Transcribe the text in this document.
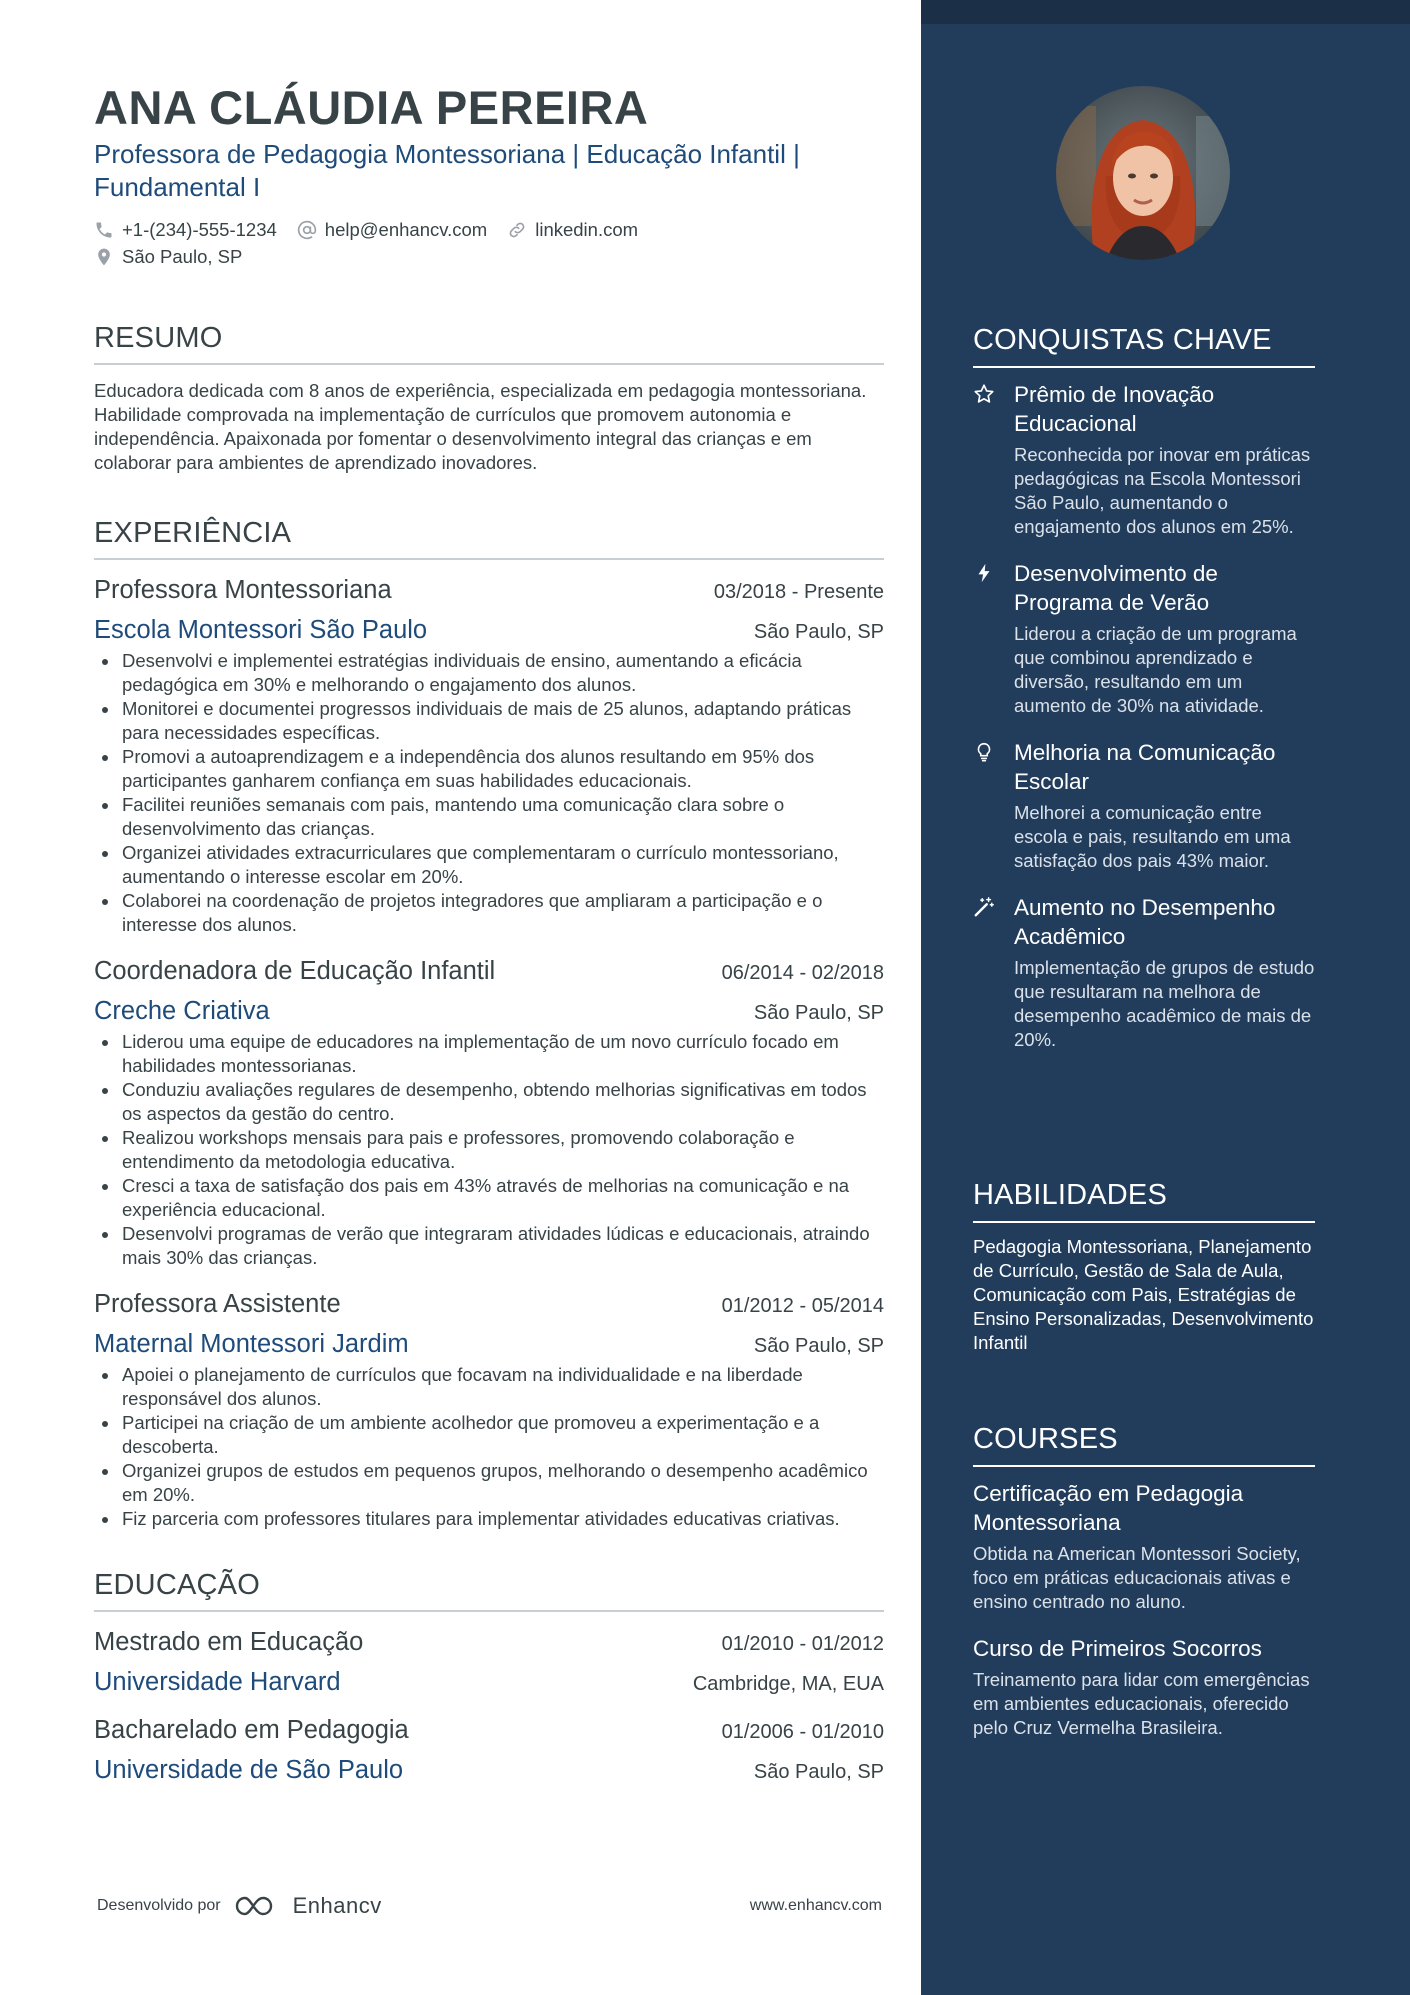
ANA CLÁUDIA PEREIRA
Professora de Pedagogia Montessoriana | Educação Infantil | Fundamental I
+1-(234)-555-1234	help@enhancv.com	linkedin.com
São Paulo, SP
RESUMO
Educadora dedicada com 8 anos de experiência, especializada em pedagogia montessoriana. Habilidade comprovada na implementação de currículos que promovem autonomia e independência. Apaixonada por fomentar o desenvolvimento integral das crianças e em colaborar para ambientes de aprendizado inovadores.
EXPERIÊNCIA
Professora Montessoriana	03/2018 - Presente
Escola Montessori São Paulo	São Paulo, SP
Desenvolvi e implementei estratégias individuais de ensino, aumentando a eficácia pedagógica em 30% e melhorando o engajamento dos alunos.
Monitorei e documentei progressos individuais de mais de 25 alunos, adaptando práticas para necessidades específicas.
Promovi a autoaprendizagem e a independência dos alunos resultando em 95% dos participantes ganharem confiança em suas habilidades educacionais.
Facilitei reuniões semanais com pais, mantendo uma comunicação clara sobre o desenvolvimento das crianças.
Organizei atividades extracurriculares que complementaram o currículo montessoriano, aumentando o interesse escolar em 20%.
Colaborei na coordenação de projetos integradores que ampliaram a participação e o interesse dos alunos.
Coordenadora de Educação Infantil	06/2014 - 02/2018
Creche Criativa	São Paulo, SP
Liderou uma equipe de educadores na implementação de um novo currículo focado em habilidades montessorianas.
Conduziu avaliações regulares de desempenho, obtendo melhorias significativas em todos os aspectos da gestão do centro.
Realizou workshops mensais para pais e professores, promovendo colaboração e entendimento da metodologia educativa.
Cresci a taxa de satisfação dos pais em 43% através de melhorias na comunicação e na experiência educacional.
Desenvolvi programas de verão que integraram atividades lúdicas e educacionais, atraindo mais 30% das crianças.
Professora Assistente	01/2012 - 05/2014
Maternal Montessori Jardim	São Paulo, SP
Apoiei o planejamento de currículos que focavam na individualidade e na liberdade responsável dos alunos.
Participei na criação de um ambiente acolhedor que promoveu a experimentação e a descoberta.
Organizei grupos de estudos em pequenos grupos, melhorando o desempenho acadêmico em 20%.
Fiz parceria com professores titulares para implementar atividades educativas criativas.
EDUCAÇÃO
Mestrado em Educação	01/2010 - 01/2012
Universidade Harvard	Cambridge, MA, EUA
Bacharelado em Pedagogia	01/2006 - 01/2010
Universidade de São Paulo	São Paulo, SP
Desenvolvido por	Enhancv	www.enhancv.com
CONQUISTAS CHAVE
Prêmio de Inovação Educacional
Reconhecida por inovar em práticas pedagógicas na Escola Montessori São Paulo, aumentando o engajamento dos alunos em 25%.
Desenvolvimento de Programa de Verão
Liderou a criação de um programa que combinou aprendizado e diversão, resultando em um aumento de 30% na atividade.
Melhoria na Comunicação Escolar
Melhorei a comunicação entre escola e pais, resultando em uma satisfação dos pais 43% maior.
Aumento no Desempenho Acadêmico
Implementação de grupos de estudo que resultaram na melhora de desempenho acadêmico de mais de 20%.
HABILIDADES
Pedagogia Montessoriana, Planejamento de Currículo, Gestão de Sala de Aula, Comunicação com Pais, Estratégias de Ensino Personalizadas, Desenvolvimento Infantil
COURSES
Certificação em Pedagogia Montessoriana
Obtida na American Montessori Society, foco em práticas educacionais ativas e ensino centrado no aluno.
Curso de Primeiros Socorros
Treinamento para lidar com emergências em ambientes educacionais, oferecido pelo Cruz Vermelha Brasileira.
